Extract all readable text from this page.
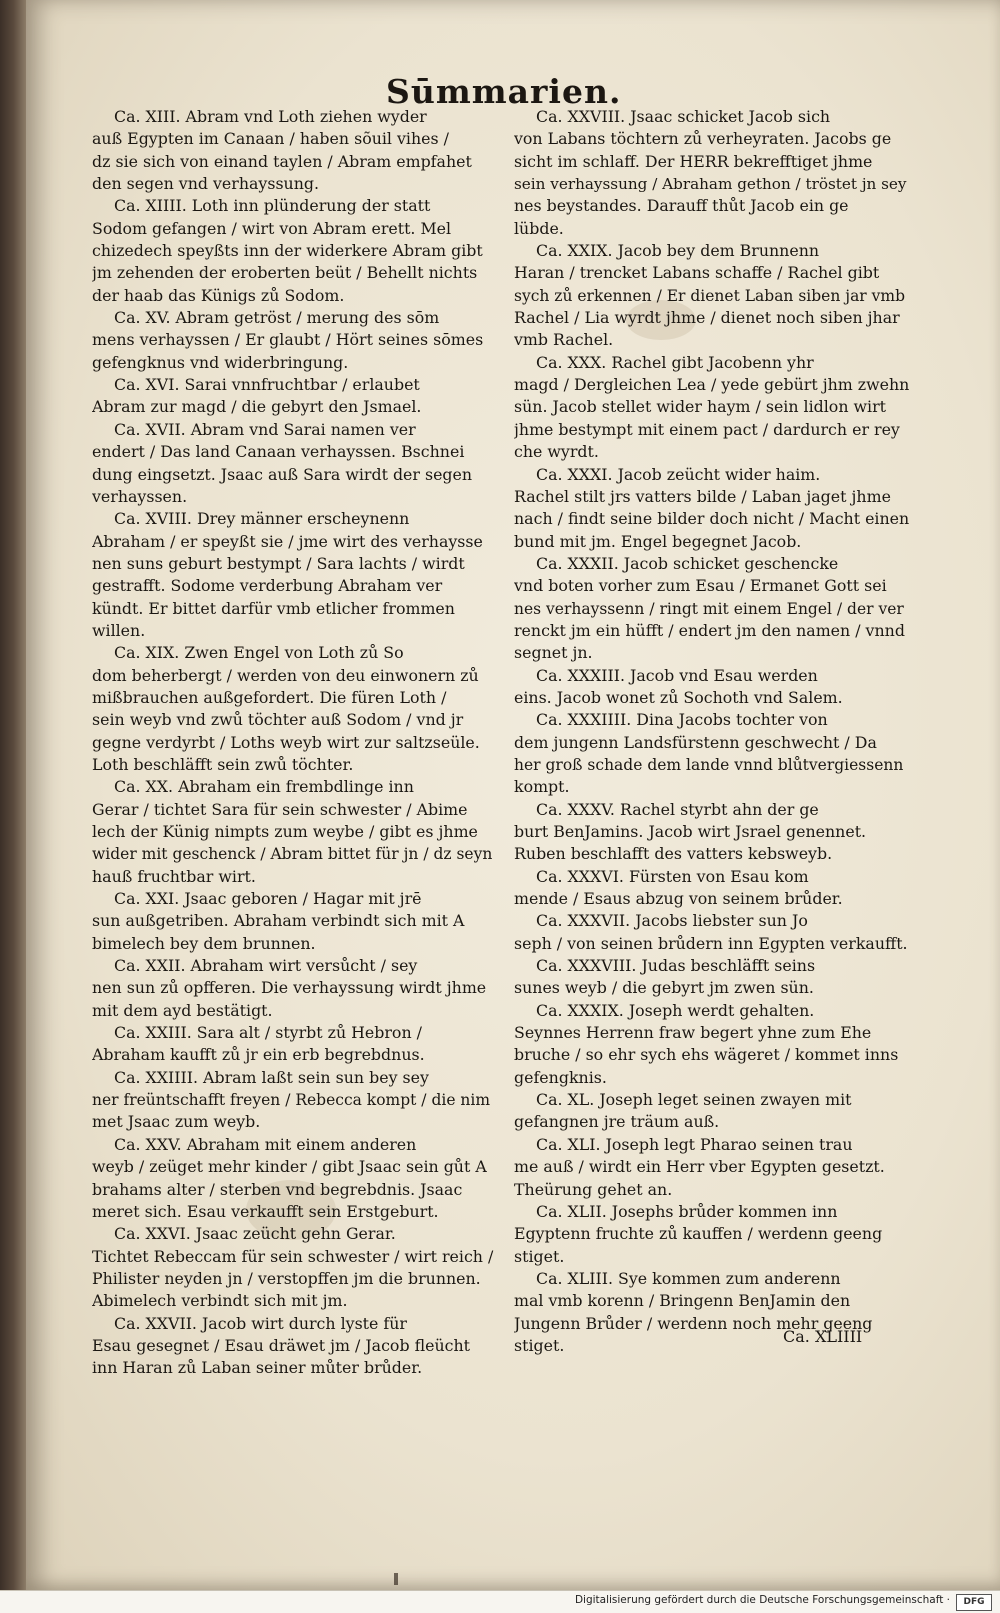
Sūmmarien.
Ca. XIII. Abram vnd Loth ziehen wyder
auß Egypten im Canaan / haben sõuil vihes /
dz sie sich von einand taylen / Abram empfahet
den segen vnd verhayssung.
Ca. XIIII. Loth inn plünderung der statt
Sodom gefangen / wirt von Abram erett. Mel
chizedech speyßts inn der widerkere Abram gibt
jm zehenden der eroberten beüt / Behellt nichts
der haab das Künigs zů Sodom.
Ca. XV. Abram getröst / merung des sōm
mens verhayssen / Er glaubt / Hört seines sōmes
gefengknus vnd widerbringung.
Ca. XVI. Sarai vnnfruchtbar / erlaubet
Abram zur magd / die gebyrt den Jsmael.
Ca. XVII. Abram vnd Sarai namen ver
endert / Das land Canaan verhayssen. Bschnei
dung eingsetzt. Jsaac auß Sara wirdt der segen
verhayssen.
Ca. XVIII. Drey männer erscheynenn
Abraham / er speyßt sie / jme wirt des verhaysse
nen suns geburt bestympt / Sara lachts / wirdt
gestrafft. Sodome verderbung Abraham ver
kündt. Er bittet darfür vmb etlicher frommen
willen.
Ca. XIX. Zwen Engel von Loth zů So
dom beherbergt / werden von deu einwonern zů
mißbrauchen außgefordert. Die füren Loth /
sein weyb vnd zwů töchter auß Sodom / vnd jr
gegne verdyrbt / Loths weyb wirt zur saltzseüle.
Loth beschläfft sein zwů töchter.
Ca. XX. Abraham ein frembdlinge inn
Gerar / tichtet Sara für sein schwester / Abime
lech der Künig nimpts zum weybe / gibt es jhme
wider mit geschenck / Abram bittet für jn / dz seyn
hauß fruchtbar wirt.
Ca. XXI. Jsaac geboren / Hagar mit jrē
sun außgetriben. Abraham verbindt sich mit A
bimelech bey dem brunnen.
Ca. XXII. Abraham wirt versůcht / sey
nen sun zů opfferen. Die verhayssung wirdt jhme
mit dem ayd bestätigt.
Ca. XXIII. Sara alt / styrbt zů Hebron /
Abraham kaufft zů jr ein erb begrebdnus.
Ca. XXIIII. Abram laßt sein sun bey sey
ner freüntschafft freyen / Rebecca kompt / die nim
met Jsaac zum weyb.
Ca. XXV. Abraham mit einem anderen
weyb / zeüget mehr kinder / gibt Jsaac sein gůt A
brahams alter / sterben vnd begrebdnis. Jsaac
meret sich. Esau verkaufft sein Erstgeburt.
Ca. XXVI. Jsaac zeücht gehn Gerar.
Tichtet Rebeccam für sein schwester / wirt reich /
Philister neyden jn / verstopffen jm die brunnen.
Abimelech verbindt sich mit jm.
Ca. XXVII. Jacob wirt durch lyste für
Esau gesegnet / Esau dräwet jm / Jacob fleücht
inn Haran zů Laban seiner můter brůder.
Ca. XXVIII. Jsaac schicket Jacob sich
von Labans töchtern zů verheyraten. Jacobs ge
sicht im schlaff. Der HERR bekrefftiget jhme
sein verhayssung / Abraham gethon / tröstet jn sey
nes beystandes. Darauff thůt Jacob ein ge
lübde.
Ca. XXIX. Jacob bey dem Brunnenn
Haran / trencket Labans schaffe / Rachel gibt
sych zů erkennen / Er dienet Laban siben jar vmb
Rachel / Lia wyrdt jhme / dienet noch siben jhar
vmb Rachel.
Ca. XXX. Rachel gibt Jacobenn yhr
magd / Dergleichen Lea / yede gebürt jhm zwehn
sün. Jacob stellet wider haym / sein lidlon wirt
jhme bestympt mit einem pact / dardurch er rey
che wyrdt.
Ca. XXXI. Jacob zeücht wider haim.
Rachel stilt jrs vatters bilde / Laban jaget jhme
nach / findt seine bilder doch nicht / Macht einen
bund mit jm. Engel begegnet Jacob.
Ca. XXXII. Jacob schicket geschencke
vnd boten vorher zum Esau / Ermanet Gott sei
nes verhayssenn / ringt mit einem Engel / der ver
renckt jm ein hüfft / endert jm den namen / vnnd
segnet jn.
Ca. XXXIII. Jacob vnd Esau werden
eins. Jacob wonet zů Sochoth vnd Salem.
Ca. XXXIIII. Dina Jacobs tochter von
dem jungenn Landsfürstenn geschwecht / Da
her groß schade dem lande vnnd blůtvergiessenn
kompt.
Ca. XXXV. Rachel styrbt ahn der ge
burt BenJamins. Jacob wirt Jsrael genennet.
Ruben beschlafft des vatters kebsweyb.
Ca. XXXVI. Fürsten von Esau kom
mende / Esaus abzug von seinem brůder.
Ca. XXXVII. Jacobs liebster sun Jo
seph / von seinen brůdern inn Egypten verkaufft.
Ca. XXXVIII. Judas beschläfft seins
sunes weyb / die gebyrt jm zwen sün.
Ca. XXXIX. Joseph werdt gehalten.
Seynnes Herrenn fraw begert yhne zum Ehe
bruche / so ehr sych ehs wägeret / kommet inns
gefengknis.
Ca. XL. Joseph leget seinen zwayen mit
gefangnen jre träum auß.
Ca. XLI. Joseph legt Pharao seinen trau
me auß / wirdt ein Herr vber Egypten gesetzt.
Theürung gehet an.
Ca. XLII. Josephs brůder kommen inn
Egyptenn fruchte zů kauffen / werdenn geeng
stiget.
Ca. XLIII. Sye kommen zum anderenn
mal vmb korenn / Bringenn BenJamin den
Jungenn Brůder / werdenn noch mehr geeng
stiget.	Ca. XLIIII
Digitalisierung gefördert durch die Deutsche Forschungsgemeinschaft ·	DFG
